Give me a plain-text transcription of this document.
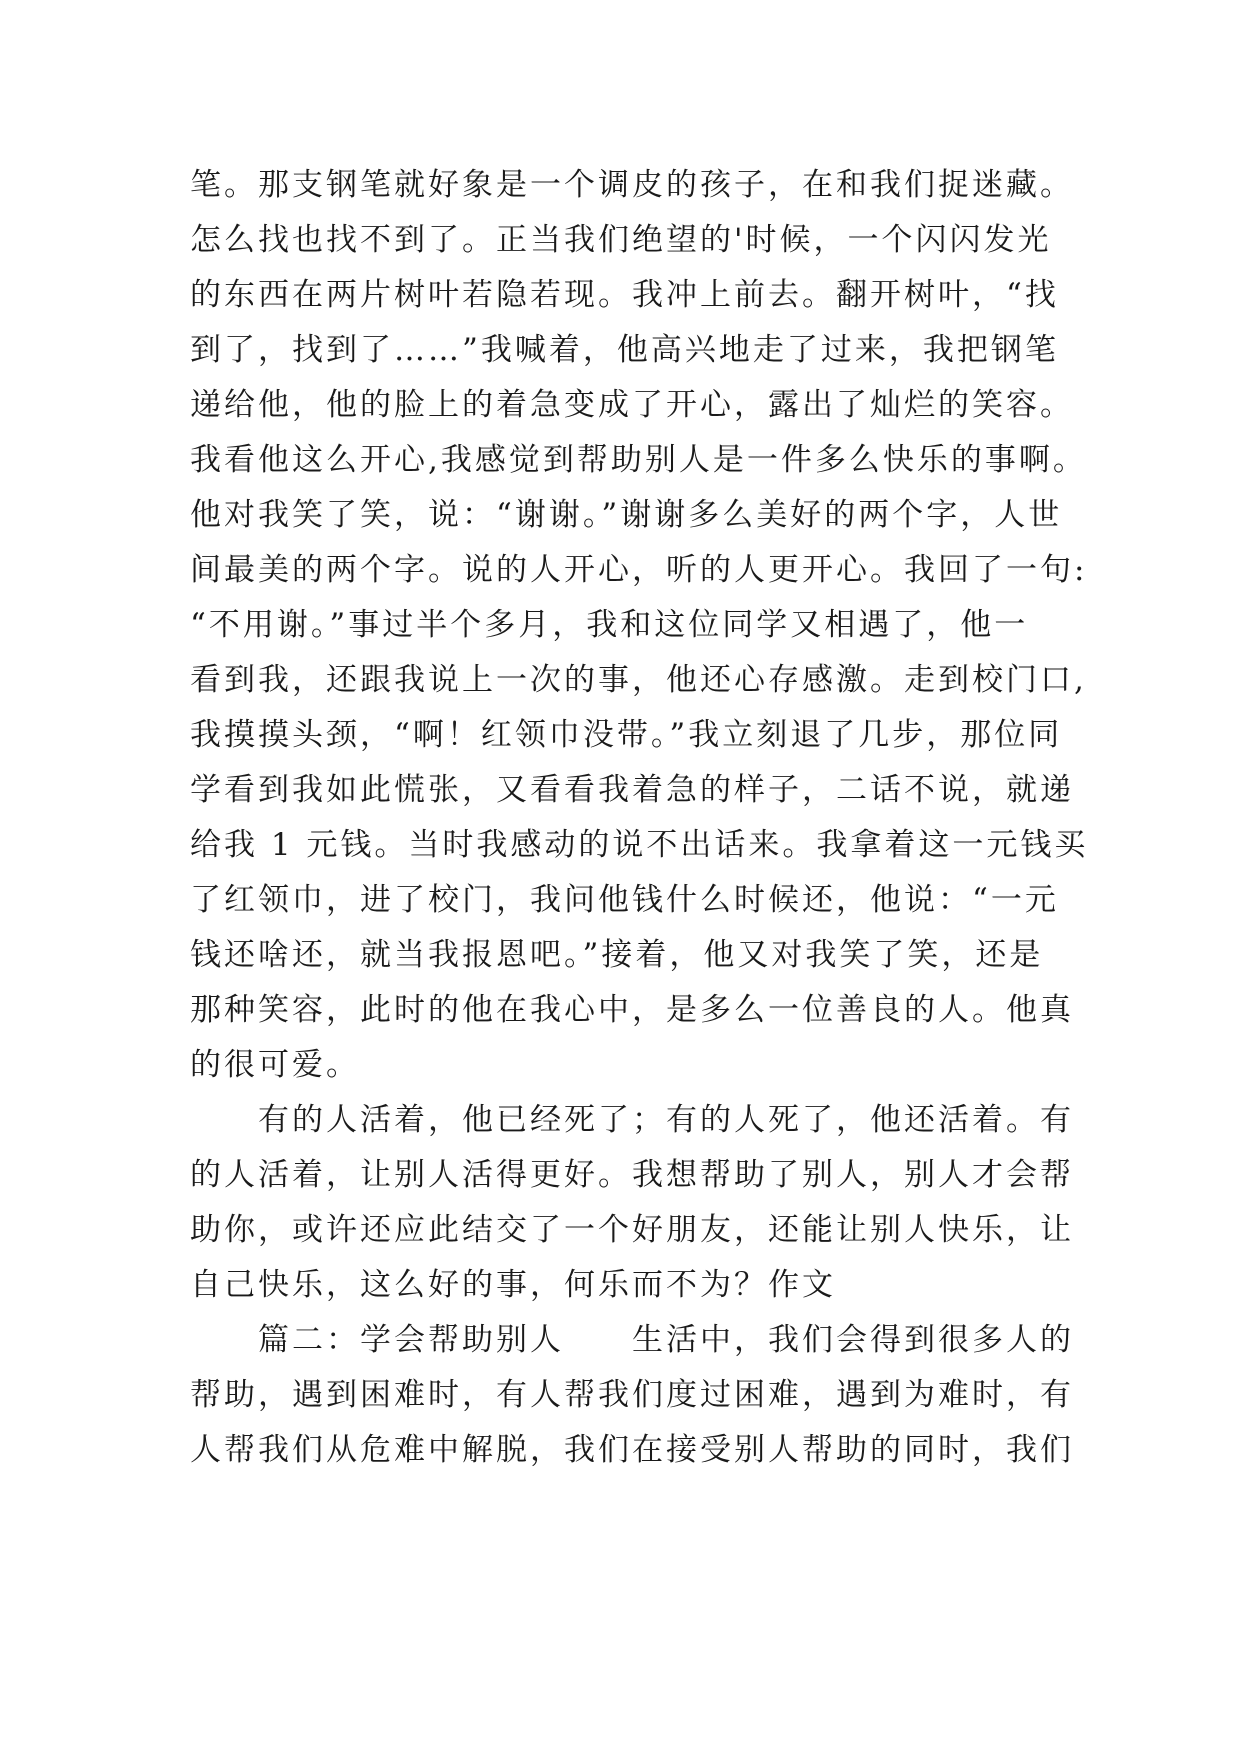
笔。那支钢笔就好象是一个调皮的孩子，在和我们捉迷藏。
怎么找也找不到了。正当我们绝望的'时候，一个闪闪发光
的东西在两片树叶若隐若现。我冲上前去。翻开树叶，“找
到了，找到了……”我喊着，他高兴地走了过来，我把钢笔
递给他，他的脸上的着急变成了开心，露出了灿烂的笑容。
我看他这么开心,我感觉到帮助别人是一件多么快乐的事啊。
他对我笑了笑，说：“谢谢。”谢谢多么美好的两个字，人世
间最美的两个字。说的人开心，听的人更开心。我回了一句:
“不用谢。”事过半个多月，我和这位同学又相遇了，他一
看到我，还跟我说上一次的事，他还心存感激。走到校门口,
我摸摸头颈，“啊！红领巾没带。”我立刻退了几步，那位同
学看到我如此慌张，又看看我着急的样子，二话不说，就递
给我 1 元钱。当时我感动的说不出话来。我拿着这一元钱买
了红领巾，进了校门，我问他钱什么时候还，他说：“一元
钱还啥还，就当我报恩吧。”接着，他又对我笑了笑，还是
那种笑容，此时的他在我心中，是多么一位善良的人。他真
的很可爱。
有的人活着，他已经死了；有的人死了，他还活着。有
的人活着，让别人活得更好。我想帮助了别人，别人才会帮
助你，或许还应此结交了一个好朋友，还能让别人快乐，让
自己快乐，这么好的事，何乐而不为？作文
篇二：学会帮助别人　　生活中，我们会得到很多人的
帮助，遇到困难时，有人帮我们度过困难，遇到为难时，有
人帮我们从危难中解脱，我们在接受别人帮助的同时，我们
